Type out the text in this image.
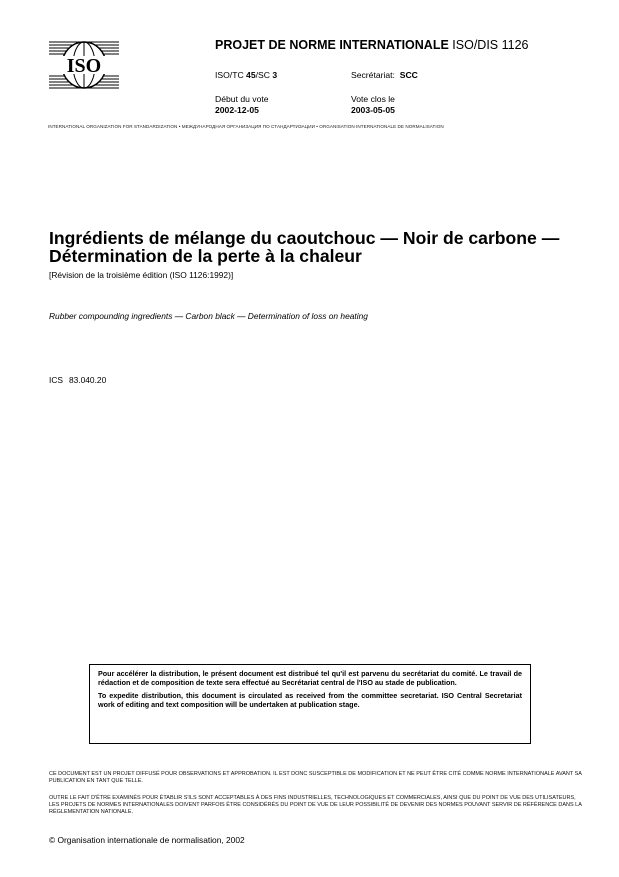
ISO
PROJET DE NORME INTERNATIONALE ISO/DIS 1126
ISO/TC 45/SC 3	Secrétariat: SCC
Début du vote
2002-12-05
Vote clos le
2003-05-05
INTERNATIONAL ORGANIZATION FOR STANDARDIZATION • МЕЖДУНАРОДНАЯ ОРГАНИЗАЦИЯ ПО СТАНДАРТИЗАЦИИ • ORGANISATION INTERNATIONALE DE NORMALISATION
Ingrédients de mélange du caoutchouc — Noir de carbone —
Détermination de la perte à la chaleur
[Révision de la troisième édition (ISO 1126:1992)]
Rubber compounding ingredients — Carbon black — Determination of loss on heating
ICS 83.040.20

Pour accélérer la distribution, le présent document est distribué tel qu'il est parvenu du secrétariat du comité. Le travail de rédaction et de composition de texte sera effectué au Secrétariat central de l'ISO au stade de publication.

To expedite distribution, this document is circulated as received from the committee secretariat. ISO Central Secretariat work of editing and text composition will be undertaken at publication stage.

CE DOCUMENT EST UN PROJET DIFFUSÉ POUR OBSERVATIONS ET APPROBATION. IL EST DONC SUSCEPTIBLE DE MODIFICATION ET NE PEUT ÊTRE CITÉ COMME NORME INTERNATIONALE AVANT SA PUBLICATION EN TANT QUE TELLE.
OUTRE LE FAIT D'ÊTRE EXAMINÉS POUR ÉTABLIR S'ILS SONT ACCEPTABLES À DES FINS INDUSTRIELLES, TECHNOLOGIQUES ET COMMERCIALES, AINSI QUE DU POINT DE VUE DES UTILISATEURS, LES PROJETS DE NORMES INTERNATIONALES DOIVENT PARFOIS ÊTRE CONSIDÉRÉS DU POINT DE VUE DE LEUR POSSIBILITÉ DE DEVENIR DES NORMES POUVANT SERVIR DE RÉFÉRENCE DANS LA RÉGLEMENTATION NATIONALE.
© Organisation internationale de normalisation, 2002
